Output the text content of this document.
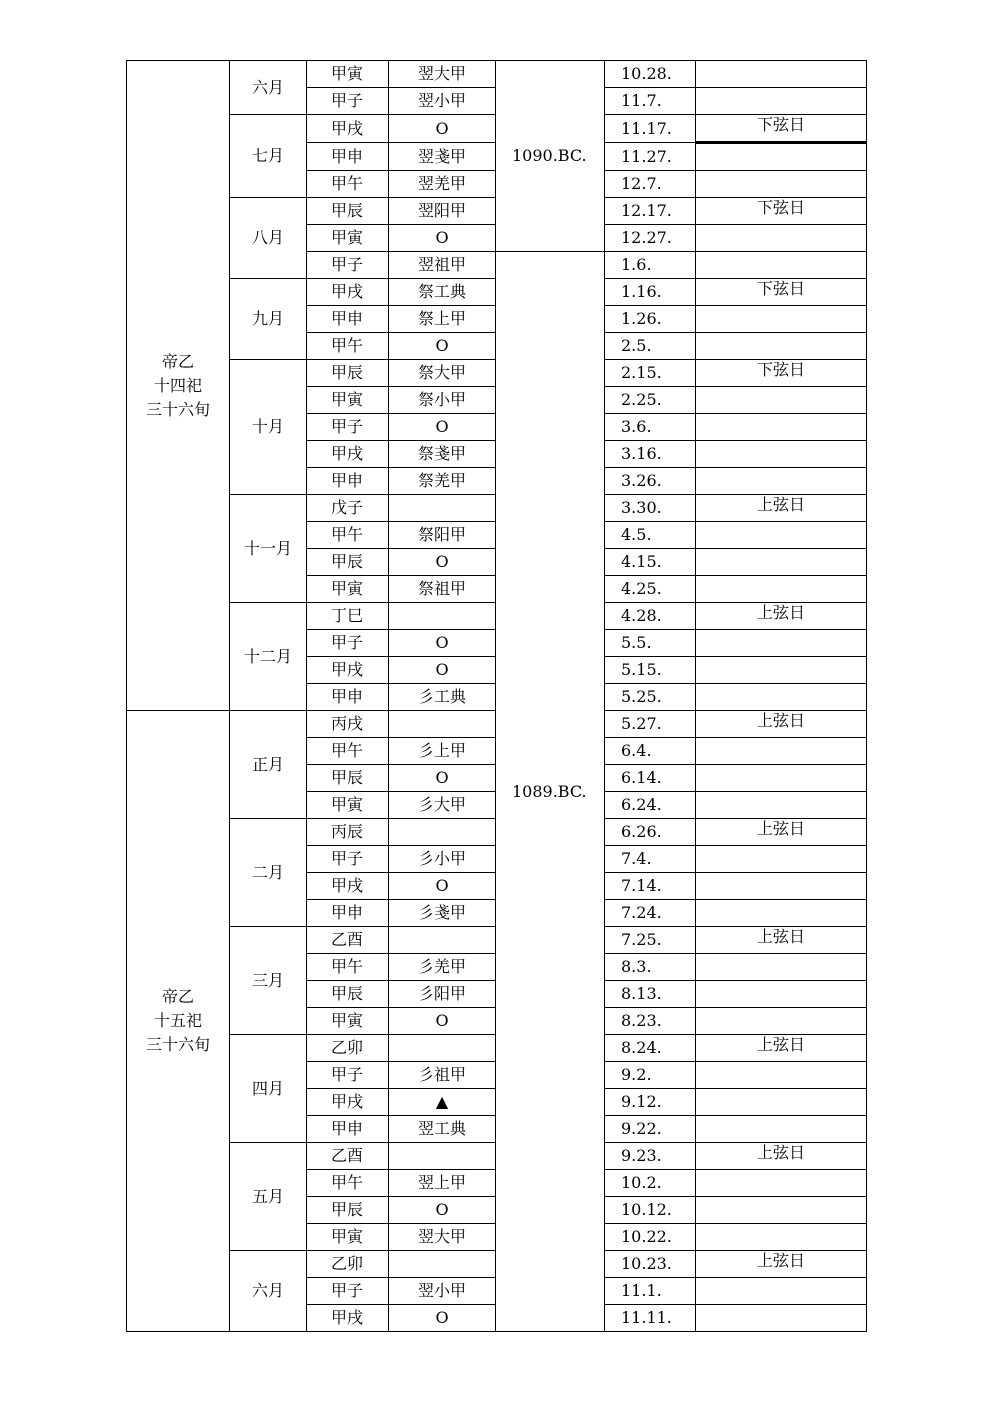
帝乙
十四祀
三十六旬	六月	甲寅	翌大甲	1090.BC.	10.28.	
		甲子	翌小甲		11.7.	
	七月	甲戌	O		11.17.	下弦日
		甲申	翌戔甲		11.27.	
		甲午	翌羌甲		12.7.	
	八月	甲辰	翌阳甲		12.17.	下弦日
		甲寅	O		12.27.	
		甲子	翌祖甲	1089.BC.	1.6.	
	九月	甲戌	祭工典		1.16.	下弦日
		甲申	祭上甲		1.26.	
		甲午	O		2.5.	
	十月	甲辰	祭大甲		2.15.	下弦日
		甲寅	祭小甲		2.25.	
		甲子	O		3.6.	
		甲戌	祭戔甲		3.16.	
		甲申	祭羌甲		3.26.	
	十一月	戊子			3.30.	上弦日
		甲午	祭阳甲		4.5.	
		甲辰	O		4.15.	
		甲寅	祭祖甲		4.25.	
	十二月	丁巳			4.28.	上弦日
		甲子	O		5.5.	
		甲戌	O		5.15.	
		甲申	彡工典		5.25.	

帝乙
十五祀
三十六旬	正月	丙戌			5.27.	上弦日
		甲午	彡上甲		6.4.	
		甲辰	O		6.14.	
		甲寅	彡大甲		6.24.	
	二月	丙辰			6.26.	上弦日
		甲子	彡小甲		7.4.	
		甲戌	O		7.14.	
		甲申	彡戔甲		7.24.	
	三月	乙酉			7.25.	上弦日
		甲午	彡羌甲		8.3.	
		甲辰	彡阳甲		8.13.	
		甲寅	O		8.23.	
	四月	乙卯			8.24.	上弦日
		甲子	彡祖甲		9.2.	
		甲戌	▲		9.12.	
		甲申	翌工典		9.22.	
	五月	乙酉			9.23.	上弦日
		甲午	翌上甲		10.2.	
		甲辰	O		10.12.	
		甲寅	翌大甲		10.22.	
	六月	乙卯			10.23.	上弦日
		甲子	翌小甲		11.1.	
		甲戌	O		11.11.	
